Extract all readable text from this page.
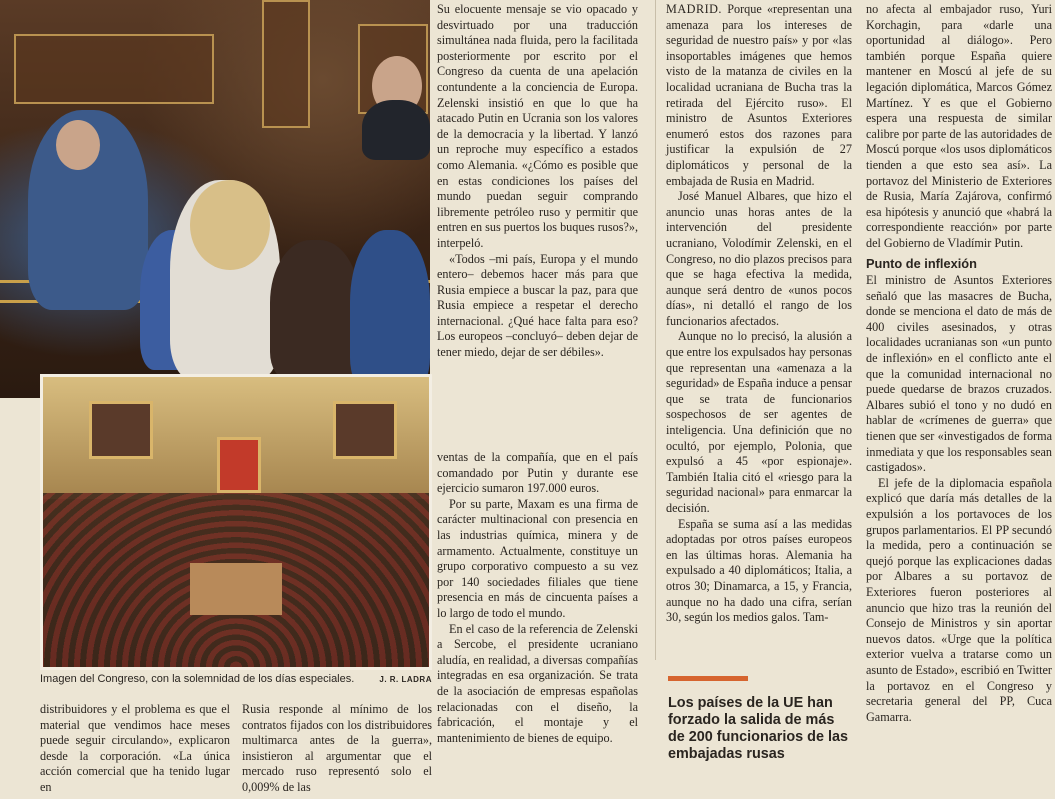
Imagen del Congreso, con la solemnidad de los días especiales.	J. R. LADRA

Su elocuente mensaje se vio opacado y desvirtuado por una traducción simultánea nada fluida, pero la facilitada posteriormente por escrito por el Congreso da cuenta de una apelación contundente a la conciencia de Europa. Zelenski insistió en que lo que ha atacado Putin en Ucrania son los valores de la democracia y la libertad. Y lanzó un reproche muy específico a estados como Alemania. «¿Cómo es posible que en estas condiciones los países del mundo puedan seguir comprando libremente petróleo ruso y permitir que entren en sus puertos los buques rusos?», interpeló.

«Todos –mi país, Europa y el mundo entero– debemos hacer más para que Rusia empiece a buscar la paz, para que Rusia empiece a respetar el derecho internacional. ¿Qué hace falta para eso? Los europeos –concluyó– deben dejar de tener miedo, dejar de ser débiles».

ventas de la compañía, que en el país comandado por Putin y durante ese ejercicio sumaron 197.000 euros.

Por su parte, Maxam es una firma de carácter multinacional con presencia en las industrias química, minera y de armamento. Actualmente, constituye un grupo corporativo compuesto a su vez por 140 sociedades filiales que tiene presencia en más de cincuenta países a lo largo de todo el mundo.

En el caso de la referencia de Zelenski a Sercobe, el presidente ucraniano aludía, en realidad, a diversas compañías integradas en esa organización. Se trata de la asociación de empresas españolas relacionadas con el diseño, la fabricación, el montaje y el mantenimiento de bienes de equipo.

MADRID. Porque «representan una amenaza para los intereses de seguridad de nuestro país» y por «las insoportables imágenes que hemos visto de la matanza de civiles en la localidad ucraniana de Bucha tras la retirada del Ejército ruso». El ministro de Asuntos Exteriores enumeró estos dos razones para justificar la expulsión de 27 diplomáticos y personal de la embajada de Rusia en Madrid.

José Manuel Albares, que hizo el anuncio unas horas antes de la intervención del presidente ucraniano, Volodímir Zelenski, en el Congreso, no dio plazos precisos para que se haga efectiva la medida, aunque será dentro de «unos pocos días», ni detalló el rango de los funcionarios afectados.

Aunque no lo precisó, la alusión a que entre los expulsados hay personas que representan una «amenaza a la seguridad» de España induce a pensar que se trata de funcionarios sospechosos de ser agentes de inteligencia. Una definición que no ocultó, por ejemplo, Polonia, que expulsó a 45 «por espionaje». También Italia citó el «riesgo para la seguridad nacional» para enmarcar la decisión.

España se suma así a las medidas adoptadas por otros países europeos en las últimas horas. Alemania ha expulsado a 40 diplomáticos; Italia, a otros 30; Dinamarca, a 15, y Francia, aunque no ha dado una cifra, serían 30, según los medios galos. Tam-

no afecta al embajador ruso, Yuri Korchagin, para «darle una oportunidad al diálogo». Pero también porque España quiere mantener en Moscú al jefe de su legación diplomática, Marcos Gómez Martínez. Y es que el Gobierno espera una respuesta de similar calibre por parte de las autoridades de Moscú porque «los usos diplomáticos tienden a que esto sea así». La portavoz del Ministerio de Exteriores de Rusia, María Zajárova, confirmó esa hipótesis y anunció que «habrá la correspondiente reacción» por parte del Gobierno de Vladímir Putin.

Punto de inflexión

El ministro de Asuntos Exteriores señaló que las masacres de Bucha, donde se menciona el dato de más de 400 civiles asesinados, y otras localidades ucranianas son «un punto de inflexión» en el conflicto ante el que la comunidad internacional no puede quedarse de brazos cruzados. Albares subió el tono y no dudó en hablar de «crímenes de guerra» que tienen que ser «investigados de forma inmediata y que los responsables sean castigados».

El jefe de la diplomacia española explicó que daría más detalles de la expulsión a los portavoces de los grupos parlamentarios. El PP secundó la medida, pero a continuación se quejó porque las explicaciones dadas por Albares a su portavoz de Exteriores fueron posteriores al anuncio que hizo tras la reunión del Consejo de Ministros y sin aportar nuevos datos. «Urge que la política exterior vuelva a tratarse como un asunto de Estado», escribió en Twitter la portavoz en el Congreso y secretaria general del PP, Cuca Gamarra.

distribuidores y el problema es que el material que vendimos hace meses puede seguir circulando», explicaron desde la corporación. «La única acción comercial que ha tenido lugar en

Rusia responde al mínimo de los contratos fijados con los distribuidores multimarca antes de la guerra», insistieron al argumentar que el mercado ruso representó solo el 0,009% de las

Los países de la UE han forzado la salida de más de 200 funcionarios de las embajadas rusas
